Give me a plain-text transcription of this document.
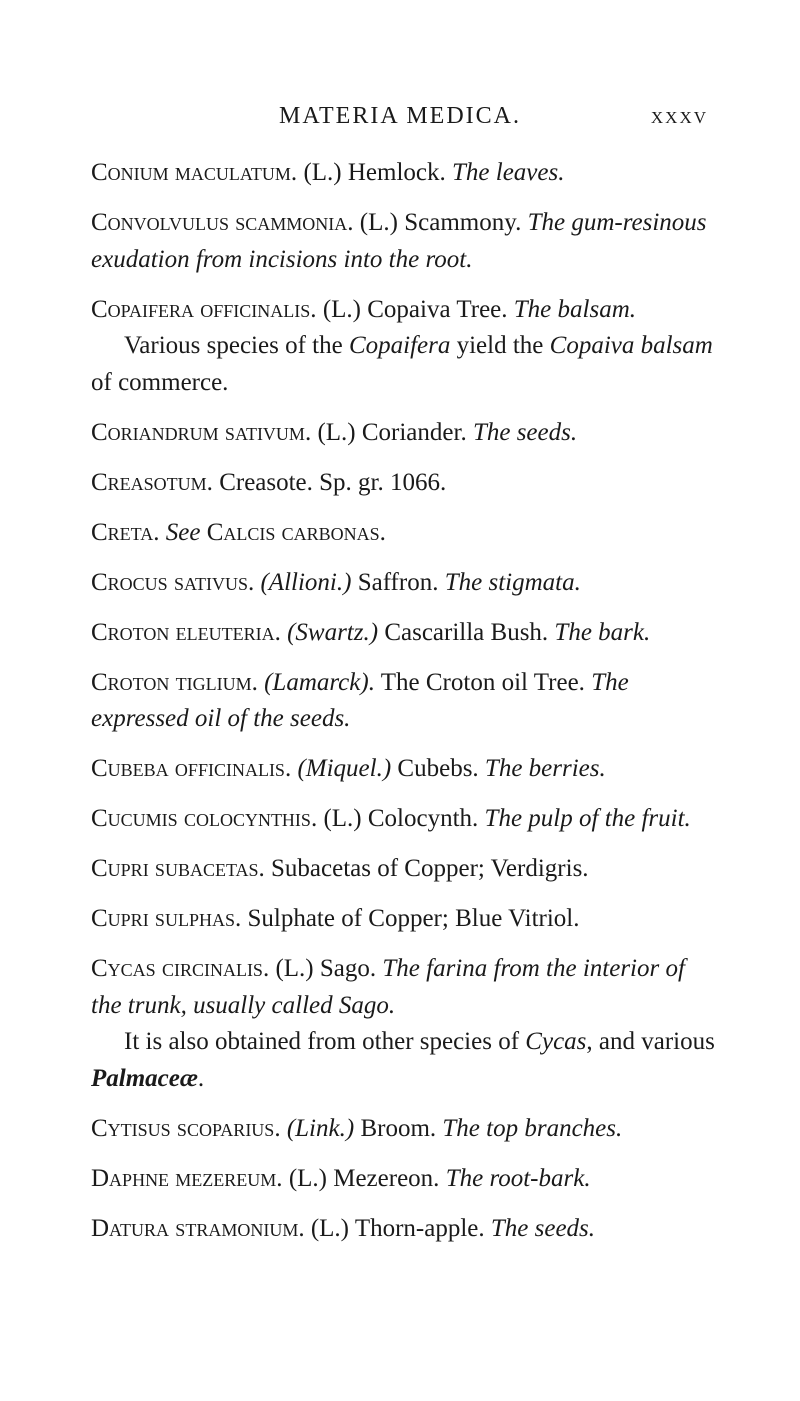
MATERIA MEDICA.	xxxv

Conium maculatum. (L.) Hemlock. The leaves.

Convolvulus scammonia. (L.) Scammony. The gum-resinous exudation from incisions into the root.

Copaifera officinalis. (L.) Copaiva Tree. The balsam.

Various species of the Copaifera yield the Copaiva balsam of commerce.

Coriandrum sativum. (L.) Coriander. The seeds.

Creasotum. Creasote. Sp. gr. 1066.

Creta. See Calcis carbonas.

Crocus sativus. (Allioni.) Saffron. The stigmata.

Croton eleuteria. (Swartz.) Cascarilla Bush. The bark.

Croton tiglium. (Lamarck). The Croton oil Tree. The expressed oil of the seeds.

Cubeba officinalis. (Miquel.) Cubebs. The berries.

Cucumis colocynthis. (L.) Colocynth. The pulp of the fruit.

Cupri subacetas. Subacetas of Copper; Verdigris.

Cupri sulphas. Sulphate of Copper; Blue Vitriol.

Cycas circinalis. (L.) Sago. The farina from the interior of the trunk, usually called Sago.

It is also obtained from other species of Cycas, and various Palmaceæ.

Cytisus scoparius. (Link.) Broom. The top branches.

Daphne mezereum. (L.) Mezereon. The root-bark.

Datura stramonium. (L.) Thorn-apple. The seeds.
